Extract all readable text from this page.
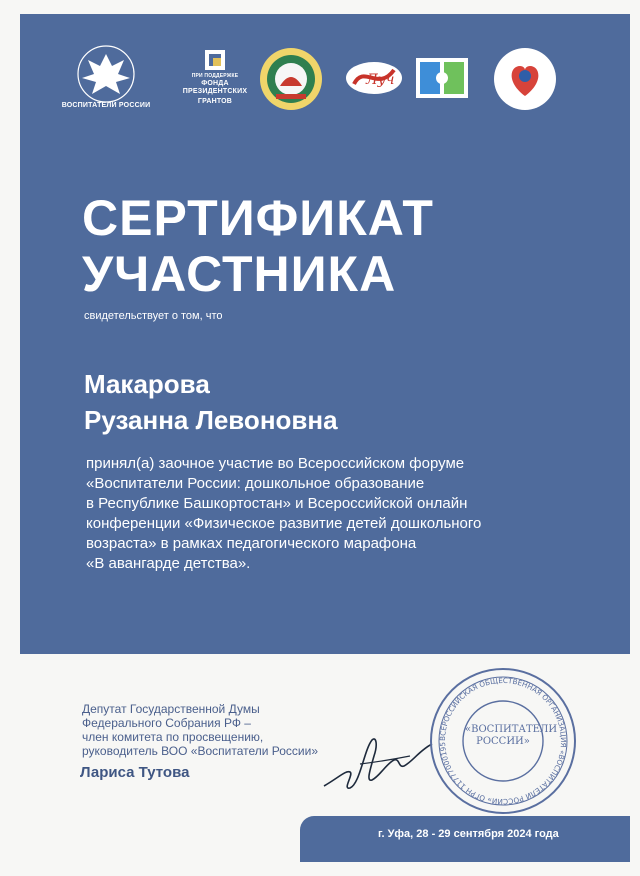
ВОСПИТАТЕЛИ РОССИИ
ПРИ ПОДДЕРЖКЕ
ФОНДА ПРЕЗИДЕНТСКИХ
ГРАНТОВ
Луч
СЕРТИФИКАТ
УЧАСТНИКА
свидетельствует о том, что
Макарова
Рузанна Левоновна

принял(а) заочное участие во Всероссийском форуме
«Воспитатели России: дошкольное образование
в Республике Башкортостан» и Всероссийской онлайн
конференции «Физическое развитие детей дошкольного
возраста» в рамках педагогического марафона
«В авангарде детства».

Депутат Государственной Думы
Федерального Собрания РФ –
член комитета по просвещению,
руководитель ВОО «Воспитатели России»

Лариса Тутова
ВСЕРОССИЙСКАЯ ОБЩЕСТВЕННАЯ ОРГАНИЗАЦИЯ «ВОСПИТАТЕЛИ РОССИИ» ОГРН 11777000195
«ВОСПИТАТЕЛИ РОССИИ»
г. Уфа, 28 - 29 сентября 2024 года
